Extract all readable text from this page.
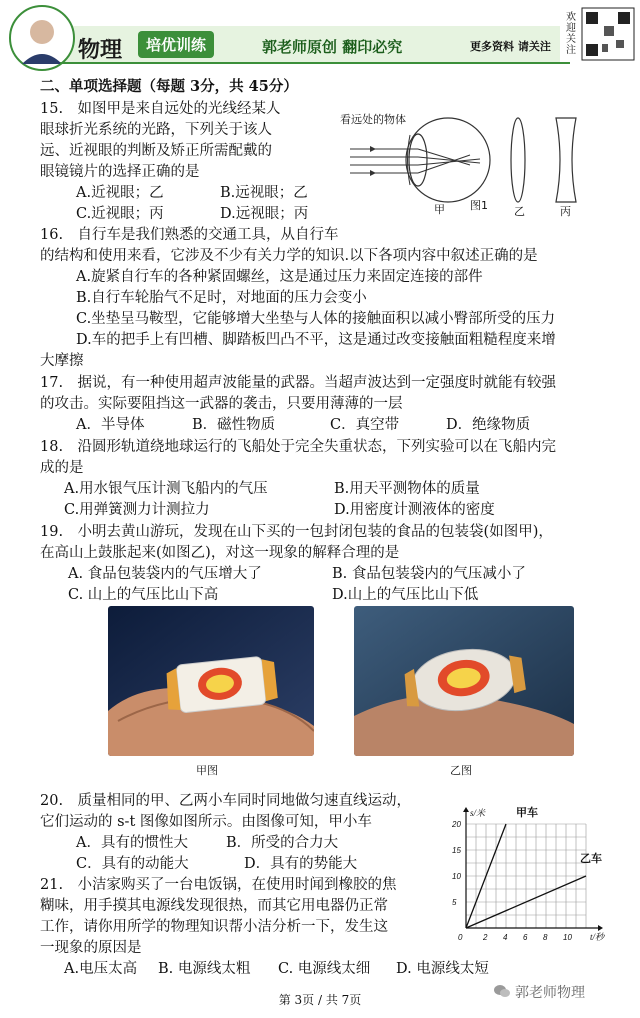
物理	培优训练	郭老师原创 翻印必究	更多资料 请关注
欢迎关注
二、单项选择题（每题 3分，共 45分）
15.　如图甲是来自远处的光线经某人
眼球折光系统的光路，下列关于该人
远、近视眼的判断及矫正所需配戴的
眼镜镜片的选择正确的是
A.近视眼；乙	B.远视眼；乙
C.近视眼；丙	D.远视眼；丙
看远处的物体
甲 图1 乙	丙
16.　自行车是我们熟悉的交通工具，从自行车
的结构和使用来看，它涉及不少有关力学的知识.以下各项内容中叙述正确的是
A.旋紧自行车的各种紧固螺丝，这是通过压力来固定连接的部件
B.自行车轮胎气不足时，对地面的压力会变小
C.坐垫呈马鞍型，它能够增大坐垫与人体的接触面积以减小臀部所受的压力
D.车的把手上有凹槽、脚踏板凹凸不平，这是通过改变接触面粗糙程度来增
大摩擦
17.　据说，有一种使用超声波能量的武器。当超声波达到一定强度时就能有较强
的攻击。实际要阻挡这一武器的袭击，只要用薄薄的一层
A．半导体	B．磁性物质	C．真空带	D．绝缘物质
18.　沿圆形轨道绕地球运行的飞船处于完全失重状态，下列实验可以在飞船内完
成的是
A.用水银气压计测飞船内的气压	B.用天平测物体的质量
C.用弹簧测力计测拉力	D.用密度计测液体的密度
19.　小明去黄山游玩，发现在山下买的一包封闭包装的食品的包装袋(如图甲)，
在高山上鼓胀起来(如图乙)，对这一现象的解释合理的是
A. 食品包装袋内的气压增大了	B. 食品包装袋内的气压减小了
C. 山上的气压比山下高	D.山上的气压比山下低
甲图	乙图
20.　质量相同的甲、乙两小车同时同地做匀速直线运动，
它们运动的 s-t 图像如图所示。由图像可知，甲小车
A．具有的惯性大	B．所受的合力大
C．具有的动能大	D．具有的势能大
0	2 4 6 8 10
5
10
15
20
s/米
t/秒
甲车
乙车
21.　小洁家购买了一台电饭锅，在使用时闻到橡胶的焦
糊味，用手摸其电源线发现很热，而其它用电器仍正常
工作，请你用所学的物理知识帮小洁分析一下，发生这
一现象的原因是
A.电压太高 B. 电源线太粗 C. 电源线太细 D. 电源线太短
第 3页 / 共 7页	郭老师物理
